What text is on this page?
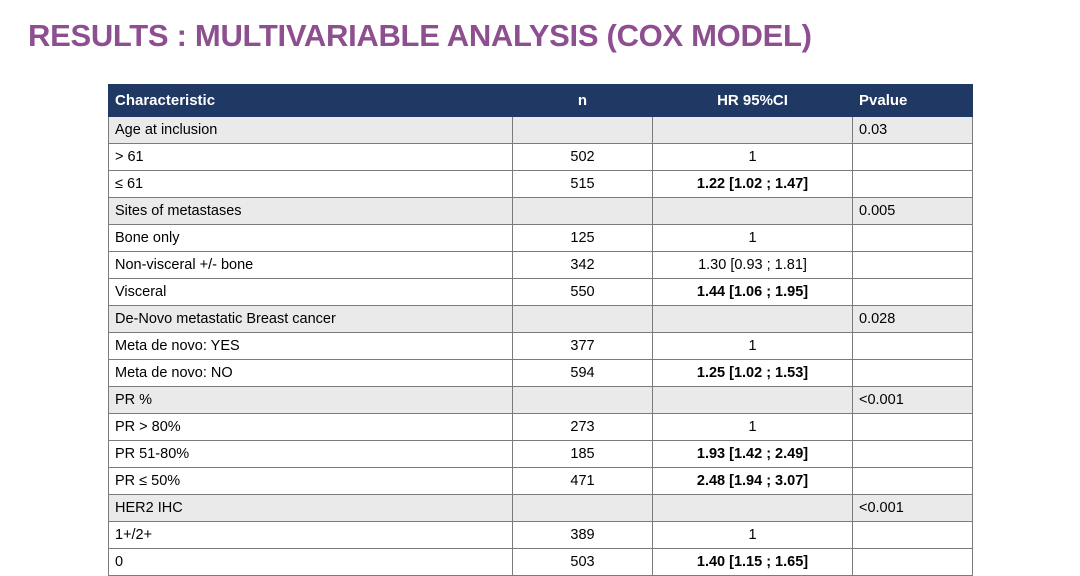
RESULTS : MULTIVARIABLE ANALYSIS (COX MODEL)
Characteristic	n	HR 95%CI	Pvalue
Age at inclusion			0.03
> 61	502	1	
≤ 61	515	1.22 [1.02 ; 1.47]	
Sites of metastases			0.005
Bone only	125	1	
Non-visceral +/- bone	342	1.30 [0.93 ; 1.81]	
Visceral	550	1.44 [1.06 ; 1.95]	
De-Novo metastatic Breast cancer			0.028
Meta de novo: YES	377	1	
Meta de novo: NO	594	1.25 [1.02 ; 1.53]	
PR %			<0.001
PR > 80%	273	1	
PR 51-80%	185	1.93 [1.42 ; 2.49]	
PR ≤ 50%	471	2.48 [1.94 ; 3.07]	
HER2 IHC			<0.001
1+/2+	389	1	
0	503	1.40 [1.15 ; 1.65]	
